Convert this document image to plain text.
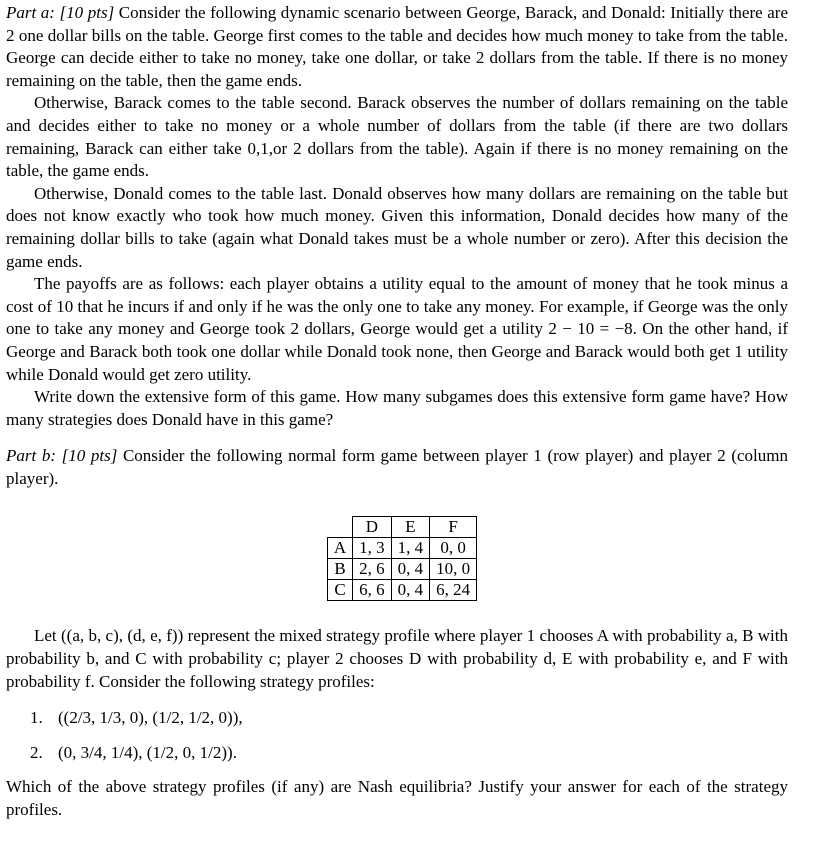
Part a: [10 pts] Consider the following dynamic scenario between George, Barack, and Donald: Initially there are 2 one dollar bills on the table. George first comes to the table and decides how much money to take from the table. George can decide either to take no money, take one dollar, or take 2 dollars from the table. If there is no money remaining on the table, then the game ends.

Otherwise, Barack comes to the table second. Barack observes the number of dollars remaining on the table and decides either to take no money or a whole number of dollars from the table (if there are two dollars remaining, Barack can either take 0,1,or 2 dollars from the table). Again if there is no money remaining on the table, the game ends.

Otherwise, Donald comes to the table last. Donald observes how many dollars are remaining on the table but does not know exactly who took how much money. Given this information, Donald decides how many of the remaining dollar bills to take (again what Donald takes must be a whole number or zero). After this decision the game ends.

The payoffs are as follows: each player obtains a utility equal to the amount of money that he took minus a cost of 10 that he incurs if and only if he was the only one to take any money. For example, if George was the only one to take any money and George took 2 dollars, George would get a utility 2 − 10 = −8. On the other hand, if George and Barack both took one dollar while Donald took none, then George and Barack would both get 1 utility while Donald would get zero utility.

Write down the extensive form of this game. How many subgames does this extensive form game have? How many strategies does Donald have in this game?

Part b: [10 pts] Consider the following normal form game between player 1 (row player) and player 2 (column player).

	D	E	F
A	1, 3	1, 4	0, 0
B	2, 6	0, 4	10, 0
C	6, 6	0, 4	6, 24

Let ((a, b, c), (d, e, f)) represent the mixed strategy profile where player 1 chooses A with probability a, B with probability b, and C with probability c; player 2 chooses D with probability d, E with probability e, and F with probability f. Consider the following strategy profiles:

1. ((2/3, 1/3, 0), (1/2, 1/2, 0)),
2. (0, 3/4, 1/4), (1/2, 0, 1/2)).

Which of the above strategy profiles (if any) are Nash equilibria? Justify your answer for each of the strategy profiles.
